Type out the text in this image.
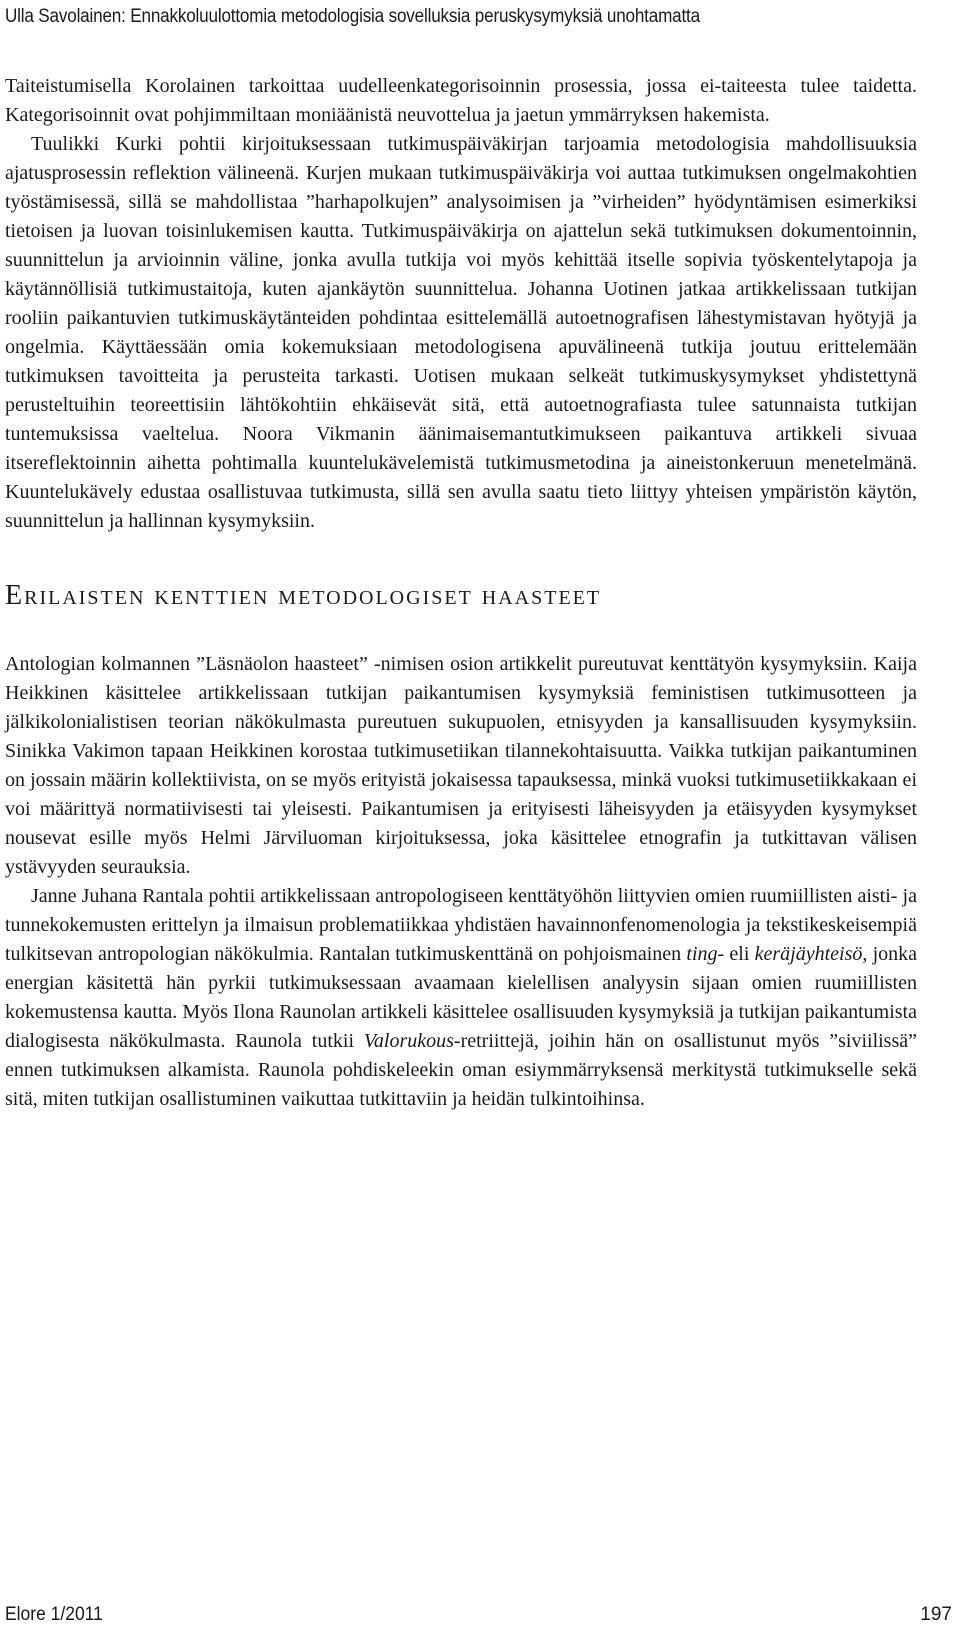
Ulla Savolainen: Ennakkoluulottomia metodologisia sovelluksia peruskysymyksiä unohtamatta

Taiteistumisella Korolainen tarkoittaa uudelleenkategorisoinnin prosessia, jossa ei-taiteesta tulee taidetta. Kategorisoinnit ovat pohjimmiltaan moniäänistä neuvottelua ja jaetun ymmärryksen hakemista.

Tuulikki Kurki pohtii kirjoituksessaan tutkimuspäiväkirjan tarjoamia metodologisia mahdollisuuksia ajatusprosessin reflektion välineenä. Kurjen mukaan tutkimuspäiväkirja voi auttaa tutkimuksen ongelmakohtien työstämisessä, sillä se mahdollistaa ”harhapolkujen” analysoimisen ja ”virheiden” hyödyntämisen esimerkiksi tietoisen ja luovan toisinlukemisen kautta. Tutkimuspäiväkirja on ajattelun sekä tutkimuksen dokumentoinnin, suunnittelun ja arvioinnin väline, jonka avulla tutkija voi myös kehittää itselle sopivia työskentelytapoja ja käytännöllisiä tutkimustaitoja, kuten ajankäytön suunnittelua. Johanna Uotinen jatkaa artikkelissaan tutkijan rooliin paikantuvien tutkimuskäytänteiden pohdintaa esittelemällä autoetnografisen lähestymistavan hyötyjä ja ongelmia. Käyttäessään omia kokemuksiaan metodologisena apuvälineenä tutkija joutuu erittelemään tutkimuksen tavoitteita ja perusteita tarkasti. Uotisen mukaan selkeät tutkimuskysymykset yhdistettynä perusteltuihin teoreettisiin lähtökohtiin ehkäisevät sitä, että autoetnografiasta tulee satunnaista tutkijan tuntemuksissa vaeltelua. Noora Vikmanin äänimaisemantutkimukseen paikantuva artikkeli sivuaa itsereflektoinnin aihetta pohtimalla kuuntelukävelemistä tutkimusmetodina ja aineistonkeruun menetelmänä. Kuuntelukävely edustaa osallistuvaa tutkimusta, sillä sen avulla saatu tieto liittyy yhteisen ympäristön käytön, suunnittelun ja hallinnan kysymyksiin.

Erilaisten kenttien metodologiset haasteet

Antologian kolmannen ”Läsnäolon haasteet” -nimisen osion artikkelit pureutuvat kenttätyön kysymyksiin. Kaija Heikkinen käsittelee artikkelissaan tutkijan paikantumisen kysymyksiä feministisen tutkimusotteen ja jälkikolonialistisen teorian näkökulmasta pureutuen sukupuolen, etnisyyden ja kansallisuuden kysymyksiin. Sinikka Vakimon tapaan Heikkinen korostaa tutkimusetiikan tilannekohtaisuutta. Vaikka tutkijan paikantuminen on jossain määrin kollektiivista, on se myös erityistä jokaisessa tapauksessa, minkä vuoksi tutkimusetiikkakaan ei voi määrittyä normatiivisesti tai yleisesti. Paikantumisen ja erityisesti läheisyyden ja etäisyyden kysymykset nousevat esille myös Helmi Järviluoman kirjoituksessa, joka käsittelee etnografin ja tutkittavan välisen ystävyyden seurauksia.

Janne Juhana Rantala pohtii artikkelissaan antropologiseen kenttätyöhön liittyvien omien ruumiillisten aisti- ja tunnekokemusten erittelyn ja ilmaisun problematiikkaa yhdistäen havainnonfenomenologia ja tekstikeskeisempiä tulkitsevan antropologian näkökulmia. Rantalan tutkimuskenttänä on pohjoismainen ting- eli keräjäyhteisö, jonka energian käsitettä hän pyrkii tutkimuksessaan avaamaan kielellisen analyysin sijaan omien ruumiillisten kokemustensa kautta. Myös Ilona Raunolan artikkeli käsittelee osallisuuden kysymyksiä ja tutkijan paikantumista dialogisesta näkökulmasta. Raunola tutkii Valorukous-retriittejä, joihin hän on osallistunut myös ”siviilissä” ennen tutkimuksen alkamista. Raunola pohdiskeleekin oman esiymmärryksensä merkitystä tutkimukselle sekä sitä, miten tutkijan osallistuminen vaikuttaa tutkittaviin ja heidän tulkintoihinsa.

Elore 1/2011	197
